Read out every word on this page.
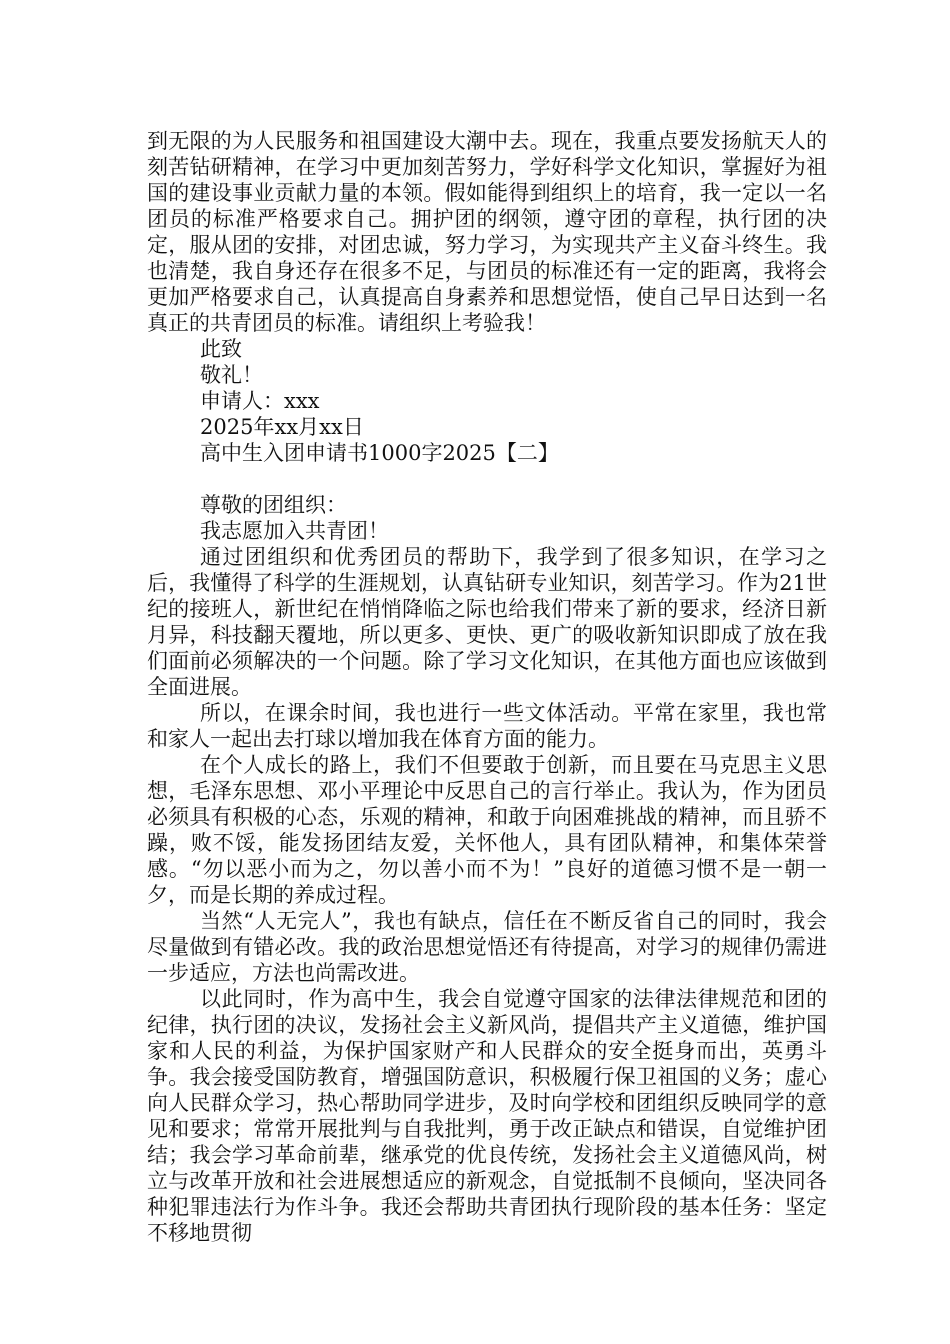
到无限的为人民服务和祖国建设大潮中去。现在，我重点要发扬航天人的刻苦钻研精神，在学习中更加刻苦努力，学好科学文化知识，掌握好为祖国的建设事业贡献力量的本领。假如能得到组织上的培育，我一定以一名团员的标准严格要求自己。拥护团的纲领，遵守团的章程，执行团的决定，服从团的安排，对团忠诚，努力学习，为实现共产主义奋斗终生。我也清楚，我自身还存在很多不足，与团员的标准还有一定的距离，我将会更加严格要求自己，认真提高自身素养和思想觉悟，使自己早日达到一名真正的共青团员的标准。请组织上考验我！

此致

敬礼！

申请人：xxx

2025年xx月xx日

高中生入团申请书1000字2025【二】

尊敬的团组织：

我志愿加入共青团！

通过团组织和优秀团员的帮助下，我学到了很多知识，在学习之后，我懂得了科学的生涯规划，认真钻研专业知识，刻苦学习。作为21世纪的接班人，新世纪在悄悄降临之际也给我们带来了新的要求，经济日新月异，科技翻天覆地，所以更多、更快、更广的吸收新知识即成了放在我们面前必须解决的一个问题。除了学习文化知识，在其他方面也应该做到全面进展。

所以，在课余时间，我也进行一些文体活动。平常在家里，我也常和家人一起出去打球以增加我在体育方面的能力。

在个人成长的路上，我们不但要敢于创新，而且要在马克思主义思想，毛泽东思想、邓小平理论中反思自己的言行举止。我认为，作为团员必须具有积极的心态，乐观的精神，和敢于向困难挑战的精神，而且骄不躁，败不馁，能发扬团结友爱，关怀他人，具有团队精神，和集体荣誉感。“勿以恶小而为之，勿以善小而不为！”良好的道德习惯不是一朝一夕，而是长期的养成过程。

当然“人无完人”，我也有缺点，信任在不断反省自己的同时，我会尽量做到有错必改。我的政治思想觉悟还有待提高，对学习的规律仍需进一步适应，方法也尚需改进。

以此同时，作为高中生，我会自觉遵守国家的法律法律规范和团的纪律，执行团的决议，发扬社会主义新风尚，提倡共产主义道德，维护国家和人民的利益，为保护国家财产和人民群众的安全挺身而出，英勇斗争。我会接受国防教育，增强国防意识，积极履行保卫祖国的义务；虚心向人民群众学习，热心帮助同学进步，及时向学校和团组织反映同学的意见和要求；常常开展批判与自我批判，勇于改正缺点和错误，自觉维护团结；我会学习革命前辈，继承党的优良传统，发扬社会主义道德风尚，树立与改革开放和社会进展想适应的新观念，自觉抵制不良倾向，坚决同各种犯罪违法行为作斗争。我还会帮助共青团执行现阶段的基本任务：坚定不移地贯彻
